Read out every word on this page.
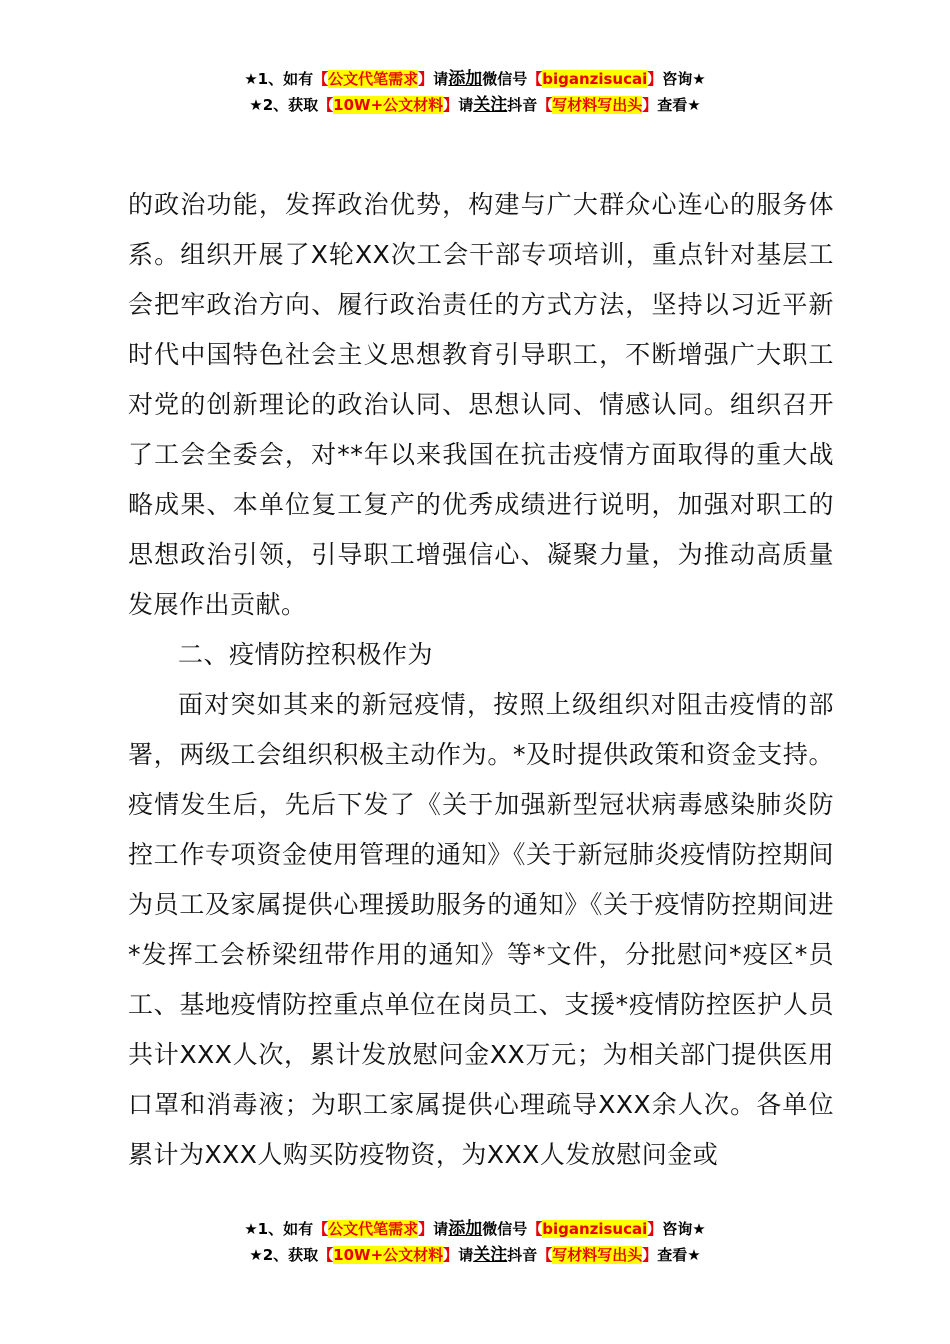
★1、如有【公文代笔需求】请添加微信号【biganzisucai】咨询★
★2、获取【10W+公文材料】请关注抖音【写材料写出头】查看★

的政治功能，发挥政治优势，构建与广大群众心连心的服务体系。组织开展了X轮XX次工会干部专项培训，重点针对基层工会把牢政治方向、履行政治责任的方式方法，坚持以习近平新时代中国特色社会主义思想教育引导职工，不断增强广大职工对党的创新理论的政治认同、思想认同、情感认同。组织召开了工会全委会，对**年以来我国在抗击疫情方面取得的重大战略成果、本单位复工复产的优秀成绩进行说明，加强对职工的思想政治引领，引导职工增强信心、凝聚力量，为推动高质量发展作出贡献。

二、疫情防控积极作为

面对突如其来的新冠疫情，按照上级组织对阻击疫情的部署，两级工会组织积极主动作为。*及时提供政策和资金支持。疫情发生后，先后下发了《关于加强新型冠状病毒感染肺炎防控工作专项资金使用管理的通知》《关于新冠肺炎疫情防控期间为员工及家属提供心理援助服务的通知》《关于疫情防控期间进*发挥工会桥梁纽带作用的通知》等*文件，分批慰问*疫区*员工、基地疫情防控重点单位在岗员工、支援*疫情防控医护人员共计XXX人次，累计发放慰问金XX万元；为相关部门提供医用口罩和消毒液；为职工家属提供心理疏导XXX余人次。各单位累计为XXX人购买防疫物资，为XXX人发放慰问金或

★1、如有【公文代笔需求】请添加微信号【biganzisucai】咨询★
★2、获取【10W+公文材料】请关注抖音【写材料写出头】查看★
